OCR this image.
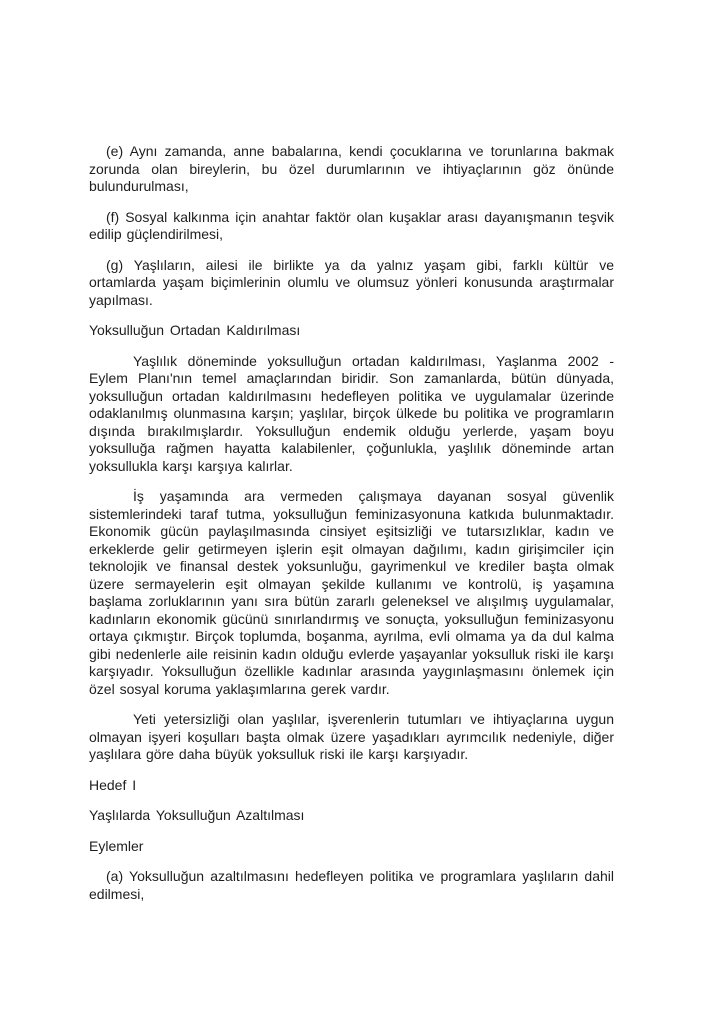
(e) Aynı zamanda, anne babalarına, kendi çocuklarına ve torunlarına bakmak zorunda olan bireylerin, bu özel durumlarının ve ihtiyaçlarının göz önünde bulundurulması,

(f) Sosyal kalkınma için anahtar faktör olan kuşaklar arası dayanışmanın teşvik edilip güçlendirilmesi,

(g) Yaşlıların, ailesi ile birlikte ya da yalnız yaşam gibi, farklı kültür ve ortamlarda yaşam biçimlerinin olumlu ve olumsuz yönleri konusunda araştırmalar yapılması.

Yoksulluğun Ortadan Kaldırılması

Yaşlılık döneminde yoksulluğun ortadan kaldırılması, Yaşlanma 2002 - Eylem Planı'nın temel amaçlarından biridir. Son zamanlarda, bütün dünyada, yoksulluğun ortadan kaldırılmasını hedefleyen politika ve uygulamalar üzerinde odaklanılmış olunmasına karşın; yaşlılar, birçok ülkede bu politika ve programların dışında bırakılmışlardır. Yoksulluğun endemik olduğu yerlerde, yaşam boyu yoksulluğa rağmen hayatta kalabilenler, çoğunlukla, yaşlılık döneminde artan yoksullukla karşı karşıya kalırlar.

İş yaşamında ara vermeden çalışmaya dayanan sosyal güvenlik sistemlerindeki taraf tutma, yoksulluğun feminizasyonuna katkıda bulunmaktadır. Ekonomik gücün paylaşılmasında cinsiyet eşitsizliği ve tutarsızlıklar, kadın ve erkeklerde gelir getirmeyen işlerin eşit olmayan dağılımı, kadın girişimciler için teknolojik ve finansal destek yoksunluğu, gayrimenkul ve krediler başta olmak üzere sermayelerin eşit olmayan şekilde kullanımı ve kontrolü, iş yaşamına başlama zorluklarının yanı sıra bütün zararlı geleneksel ve alışılmış uygulamalar, kadınların ekonomik gücünü sınırlandırmış ve sonuçta, yoksulluğun feminizasyonu ortaya çıkmıştır. Birçok toplumda, boşanma, ayrılma, evli olmama ya da dul kalma gibi nedenlerle aile reisinin kadın olduğu evlerde yaşayanlar yoksulluk riski ile karşı karşıyadır. Yoksulluğun özellikle kadınlar arasında yaygınlaşmasını önlemek için özel sosyal koruma yaklaşımlarına gerek vardır.

Yeti yetersizliği olan yaşlılar, işverenlerin tutumları ve ihtiyaçlarına uygun olmayan işyeri koşulları başta olmak üzere yaşadıkları ayrımcılık nedeniyle, diğer yaşlılara göre daha büyük yoksulluk riski ile karşı karşıyadır.

Hedef I

Yaşlılarda Yoksulluğun Azaltılması

Eylemler

(a) Yoksulluğun azaltılmasını hedefleyen politika ve programlara yaşlıların dahil edilmesi,
